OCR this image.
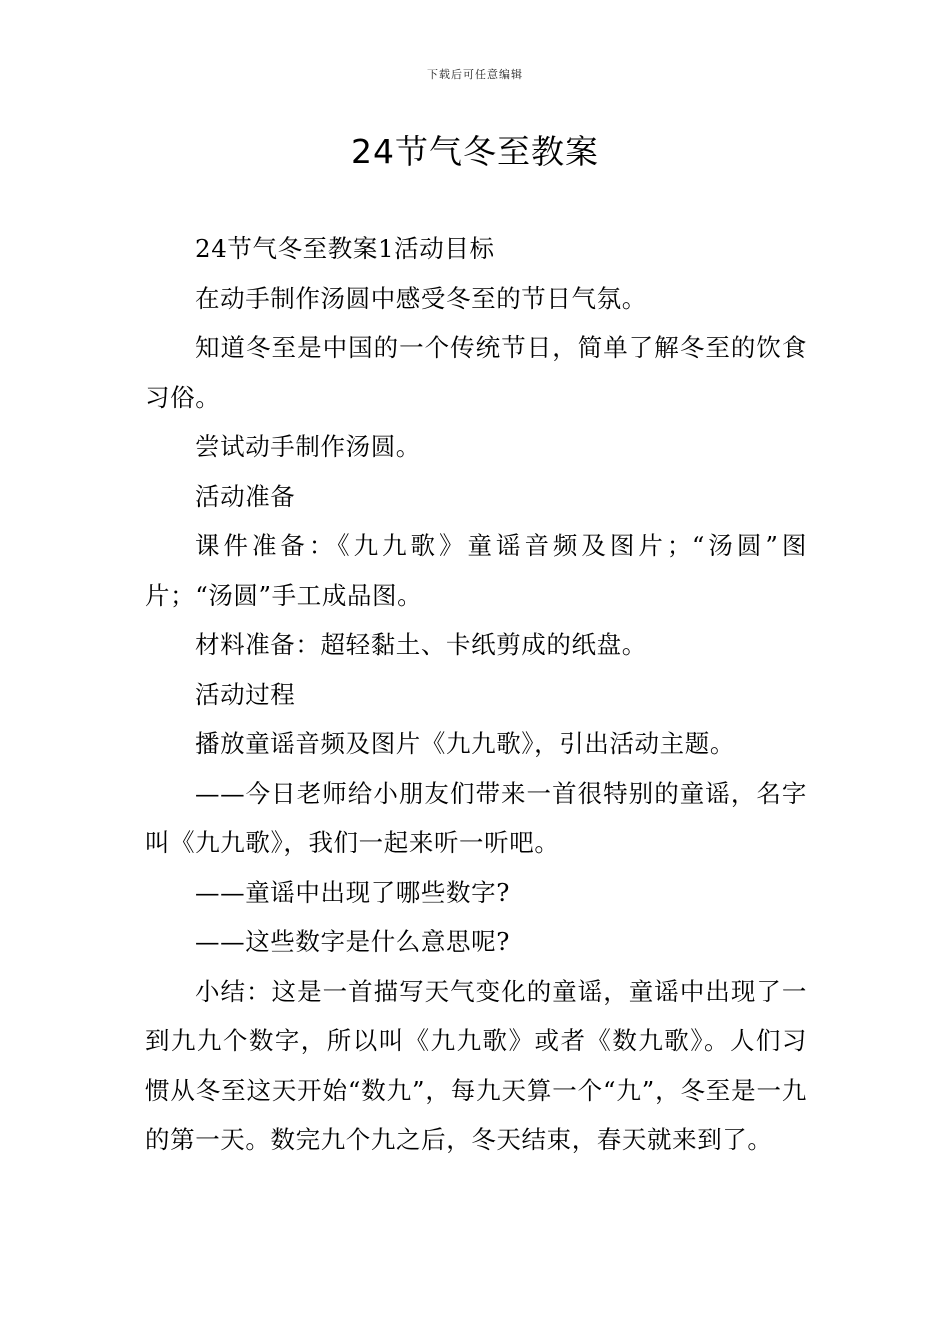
下载后可任意编辑
24节气冬至教案

24节气冬至教案1活动目标

在动手制作汤圆中感受冬至的节日气氛。

知道冬至是中国的一个传统节日，简单了解冬至的饮食习俗。

尝试动手制作汤圆。

活动准备

课件准备：《九九歌》童谣音频及图片；“汤圆”图片；“汤圆”手工成品图。

材料准备：超轻黏土、卡纸剪成的纸盘。

活动过程

播放童谣音频及图片《九九歌》，引出活动主题。

——今日老师给小朋友们带来一首很特别的童谣，名字叫《九九歌》，我们一起来听一听吧。

——童谣中出现了哪些数字?

——这些数字是什么意思呢?

小结：这是一首描写天气变化的童谣，童谣中出现了一到九九个数字，所以叫《九九歌》或者《数九歌》。人们习惯从冬至这天开始“数九”，每九天算一个“九”，冬至是一九的第一天。数完九个九之后，冬天结束，春天就来到了。
